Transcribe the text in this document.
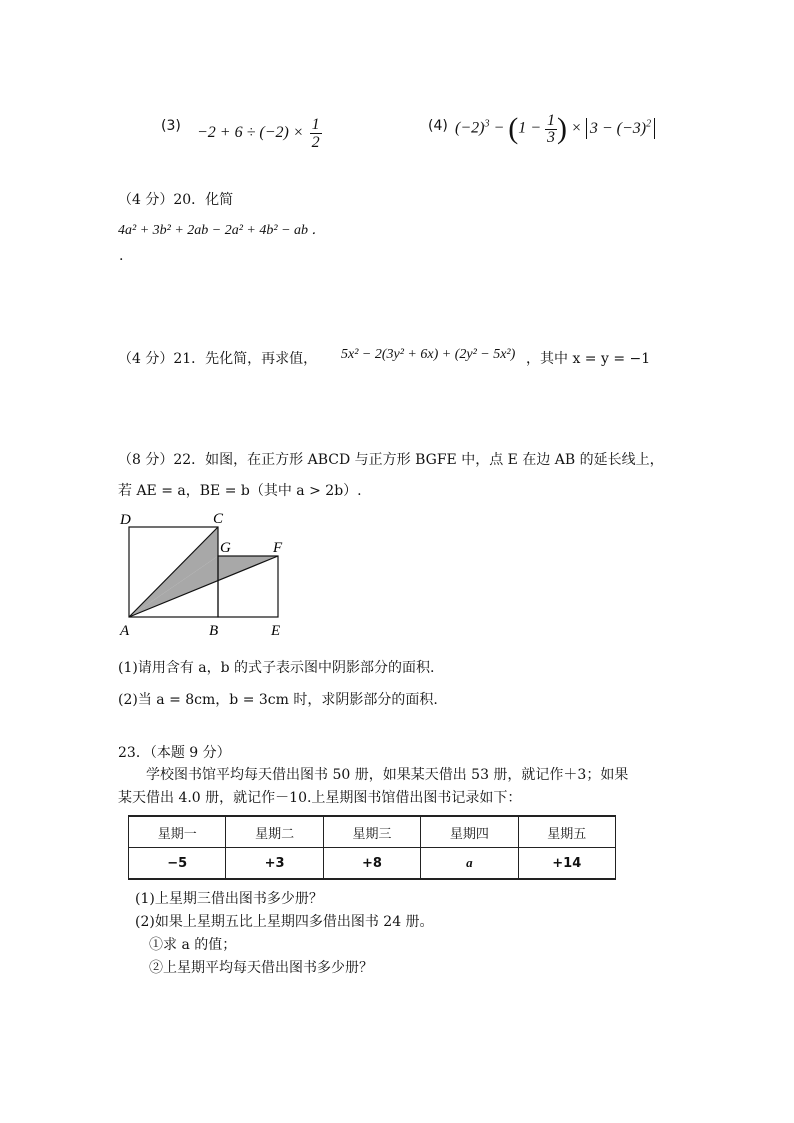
$(3) -2 + 6 \div (-2) \times \frac{1}{2}$	(4) $(-2)^3 - (1 - \frac{1}{3}$ ) × $3 - (-3)^2$
（4 分）20．化简
4a² + 3b² + 2ab − 2a² + 4b² − ab ．
.
（4 分）21．先化简，再求值， 5x² − 2(3y² + 6x) + (2y² − 5x²) ，其中 x = y = −1
（8 分）22．如图，在正方形 ABCD 与正方形 BGFE 中，点 E 在边 AB 的延长线上，
若 AE = a，BE = b（其中 a > 2b）.
D	C
G	F
A	B	E
(1)请用含有 a，b 的式子表示图中阴影部分的面积.
(2)当 a = 8cm，b = 3cm 时，求阴影部分的面积.
23．（本题 9 分）
学校图书馆平均每天借出图书 50 册，如果某天借出 53 册，就记作＋3；如果
某天借出 4.0 册，就记作－10.上星期图书馆借出图书记录如下：
星期一	星期二	星期三	星期四	星期五
−5	+3	+8	a	+14
(1)上星期三借出图书多少册？
(2)如果上星期五比上星期四多借出图书 24 册。
①求 a 的值；
②上星期平均每天借出图书多少册？
